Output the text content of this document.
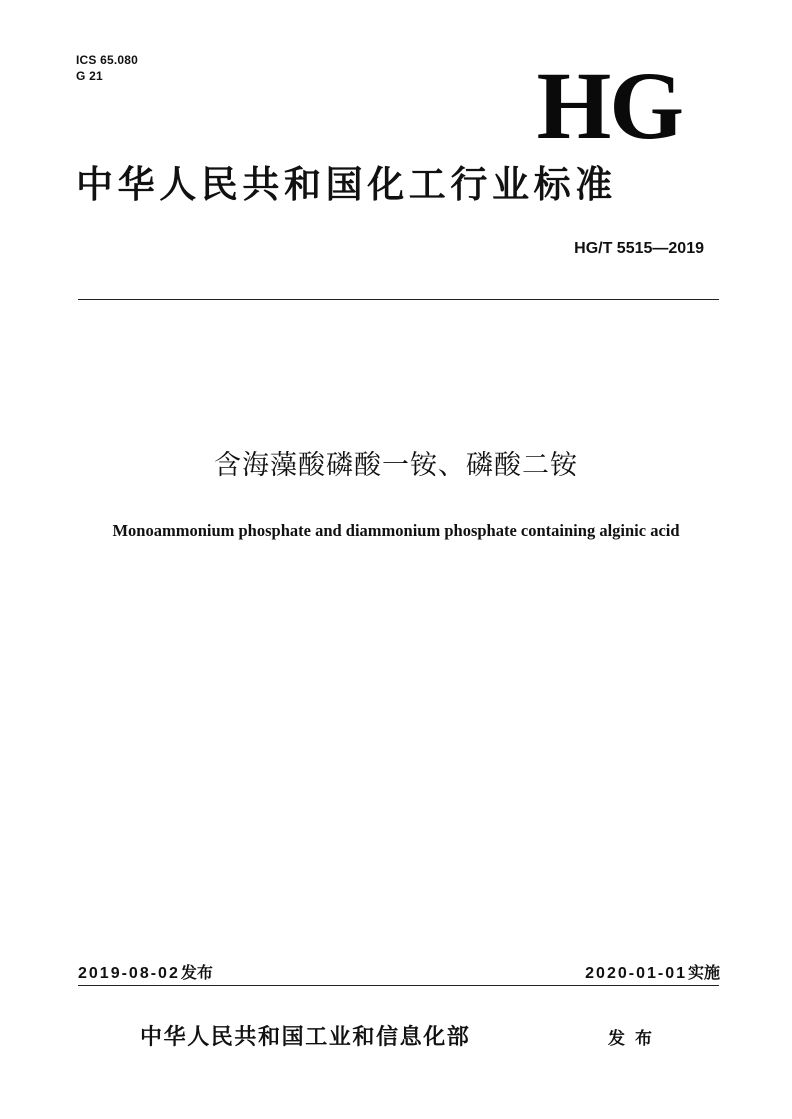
ICS 65.080
G 21	HG
中华人民共和国化工行业标准
HG/T 5515—2019
含海藻酸磷酸一铵、磷酸二铵
Monoammonium phosphate and diammonium phosphate containing alginic acid
2019-08-02发布	2020-01-01实施
中华人民共和国工业和信息化部	发布
